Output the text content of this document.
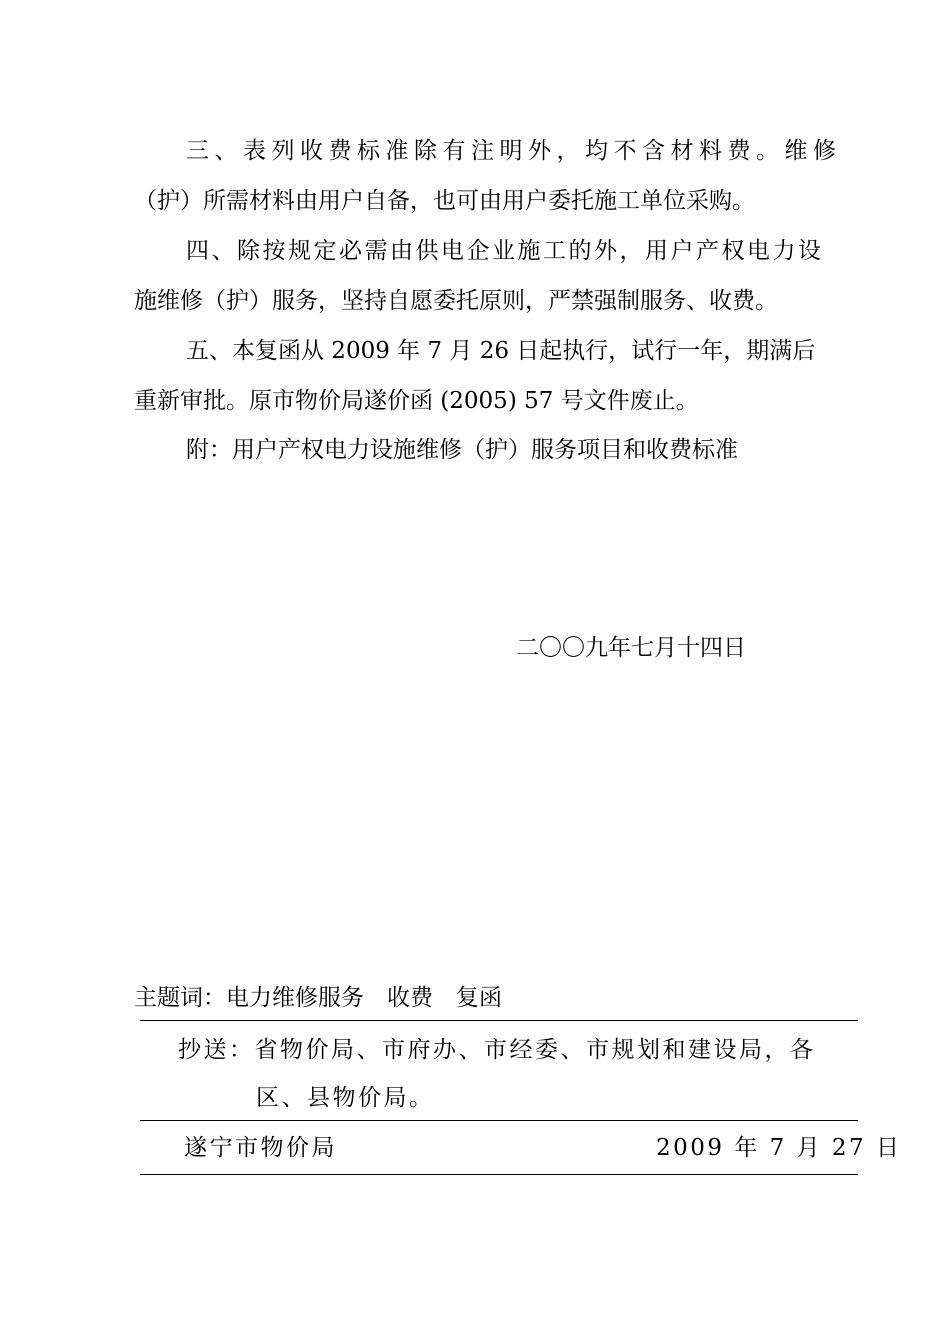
三、表列收费标准除有注明外，均不含材料费。维修
（护）所需材料由用户自备，也可由用户委托施工单位采购。
四、除按规定必需由供电企业施工的外，用户产权电力设
施维修（护）服务，坚持自愿委托原则，严禁强制服务、收费。
五、本复函从 2009 年 7 月 26 日起执行，试行一年，期满后
重新审批。原市物价局遂价函 (2005) 57 号文件废止。
附：用户产权电力设施维修（护）服务项目和收费标准
二〇〇九年七月十四日
主题词：电力维修服务　收费　复函
抄送：省物价局、市府办、市经委、市规划和建设局，各
区、县物价局。
遂宁市物价局	2009 年 7 月 27 日
